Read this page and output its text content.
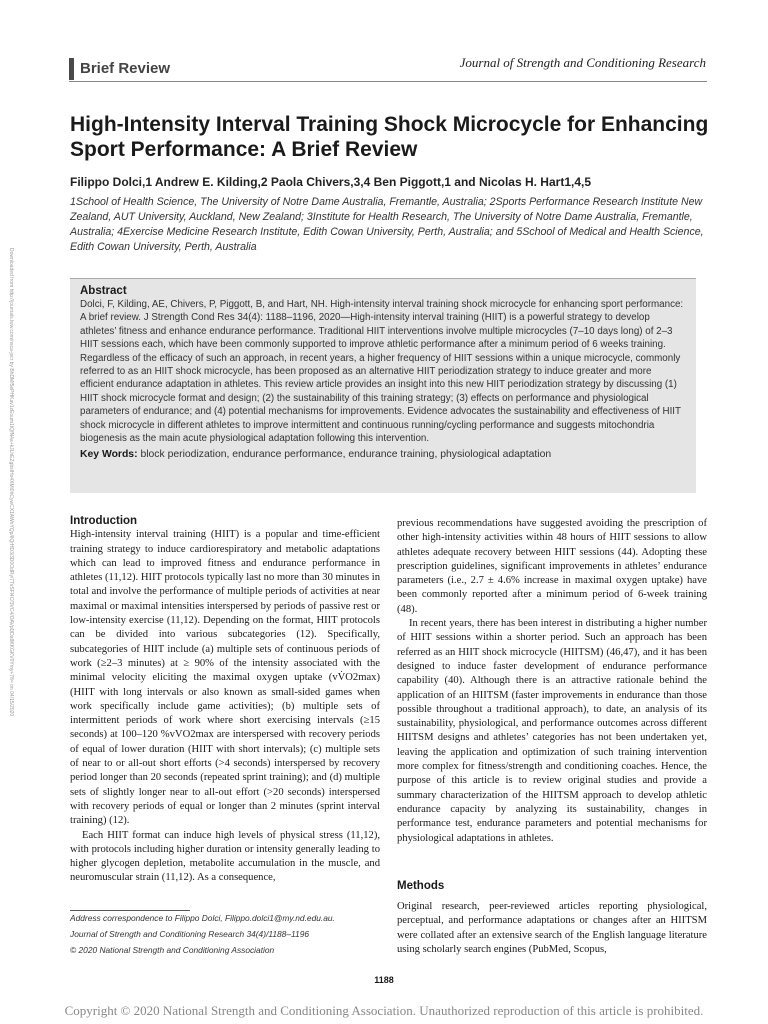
Brief Review	Journal of Strength and Conditioning Research
High-Intensity Interval Training Shock Microcycle for Enhancing Sport Performance: A Brief Review
Filippo Dolci,1 Andrew E. Kilding,2 Paola Chivers,3,4 Ben Piggott,1 and Nicolas H. Hart1,4,5
1School of Health Science, The University of Notre Dame Australia, Fremantle, Australia; 2Sports Performance Research Institute New Zealand, AUT University, Auckland, New Zealand; 3Institute for Health Research, The University of Notre Dame Australia, Fremantle, Australia; 4Exercise Medicine Research Institute, Edith Cowan University, Perth, Australia; and 5School of Medical and Health Science, Edith Cowan University, Perth, Australia
Downloaded from http://journals.lww.com/nsca-jscr by BhDMf5ePHKav1zEoum1tQfN4a+kJLhEZgbsIHo4XMi0hCywCX1AWnYQp/IlQrHD3i3D0OdRyi7TvSFl4Cf3VC4/OAVpDDa8KKGKV0Ymy+78= on 04/15/2020	Abstract

Dolci, F, Kilding, AE, Chivers, P, Piggott, B, and Hart, NH. High-intensity interval training shock microcycle for enhancing sport performance: A brief review. J Strength Cond Res 34(4): 1188–1196, 2020—High-intensity interval training (HIIT) is a powerful strategy to develop athletes’ fitness and enhance endurance performance. Traditional HIIT interventions involve multiple microcycles (7–10 days long) of 2–3 HIIT sessions each, which have been commonly supported to improve athletic performance after a minimum period of 6 weeks training. Regardless of the efficacy of such an approach, in recent years, a higher frequency of HIIT sessions within a unique microcycle, commonly referred to as an HIIT shock microcycle, has been proposed as an alternative HIIT periodization strategy to induce greater and more efficient endurance adaptation in athletes. This review article provides an insight into this new HIIT periodization strategy by discussing (1) HIIT shock microcycle format and design; (2) the sustainability of this training strategy; (3) effects on performance and physiological parameters of endurance; and (4) potential mechanisms for improvements. Evidence advocates the sustainability and effectiveness of HIIT shock microcycle in different athletes to improve intermittent and continuous running/cycling performance and suggests mitochondria biogenesis as the main acute physiological adaptation following this intervention.

Key Words: block periodization, endurance performance, endurance training, physiological adaptation

Introduction

High-intensity interval training (HIIT) is a popular and time-efficient training strategy to induce cardiorespiratory and metabolic adaptations which can lead to improved fitness and endurance performance in athletes (11,12). HIIT protocols typically last no more than 30 minutes in total and involve the performance of multiple periods of activities at near maximal or maximal intensities interspersed by periods of passive rest or low-intensity exercise (11,12). Depending on the format, HIIT protocols can be divided into various subcategories (12). Specifically, subcategories of HIIT include (a) multiple sets of continuous periods of work (≥2–3 minutes) at ≥ 90% of the intensity associated with the minimal velocity eliciting the maximal oxygen uptake (vV̇O2max) (HIIT with long intervals or also known as small-sided games when work specifically include game activities); (b) multiple sets of intermittent periods of work where short exercising intervals (≥15 seconds) at 100–120 %vVO2max are interspersed with recovery periods of equal of lower duration (HIIT with short intervals); (c) multiple sets of near to or all-out short efforts (>4 seconds) interspersed by recovery period longer than 20 seconds (repeated sprint training); and (d) multiple sets of slightly longer near to all-out effort (>20 seconds) interspersed with recovery periods of equal or longer than 2 minutes (sprint interval training) (12).

Each HIIT format can induce high levels of physical stress (11,12), with protocols including higher duration or intensity generally leading to higher glycogen depletion, metabolite accumulation in the muscle, and neuromuscular strain (11,12). As a consequence,

previous recommendations have suggested avoiding the prescription of other high-intensity activities within 48 hours of HIIT sessions to allow athletes adequate recovery between HIIT sessions (44). Adopting these prescription guidelines, significant improvements in athletes’ endurance parameters (i.e., 2.7 ± 4.6% increase in maximal oxygen uptake) have been commonly reported after a minimum period of 6-week training (48).

In recent years, there has been interest in distributing a higher number of HIIT sessions within a shorter period. Such an approach has been referred as an HIIT shock microcycle (HIITSM) (46,47), and it has been designed to induce faster development of endurance performance capability (40). Although there is an attractive rationale behind the application of an HIITSM (faster improvements in endurance than those possible throughout a traditional approach), to date, an analysis of its sustainability, physiological, and performance outcomes across different HIITSM designs and athletes’ categories has not been undertaken yet, leaving the application and optimization of such training intervention more complex for fitness/strength and conditioning coaches. Hence, the purpose of this article is to review original studies and provide a summary characterization of the HIITSM approach to develop athletic endurance capacity by analyzing its sustainability, changes in performance test, endurance parameters and potential mechanisms for physiological adaptations in athletes.

Methods
Original research, peer-reviewed articles reporting physiological, perceptual, and performance adaptations or changes after an HIITSM were collated after an extensive search of the English language literature using scholarly search engines (PubMed, Scopus,
Address correspondence to Filippo Dolci, Filippo.dolci1@my.nd.edu.au.
Journal of Strength and Conditioning Research 34(4)/1188–1196
© 2020 National Strength and Conditioning Association
1188
Copyright © 2020 National Strength and Conditioning Association. Unauthorized reproduction of this article is prohibited.
